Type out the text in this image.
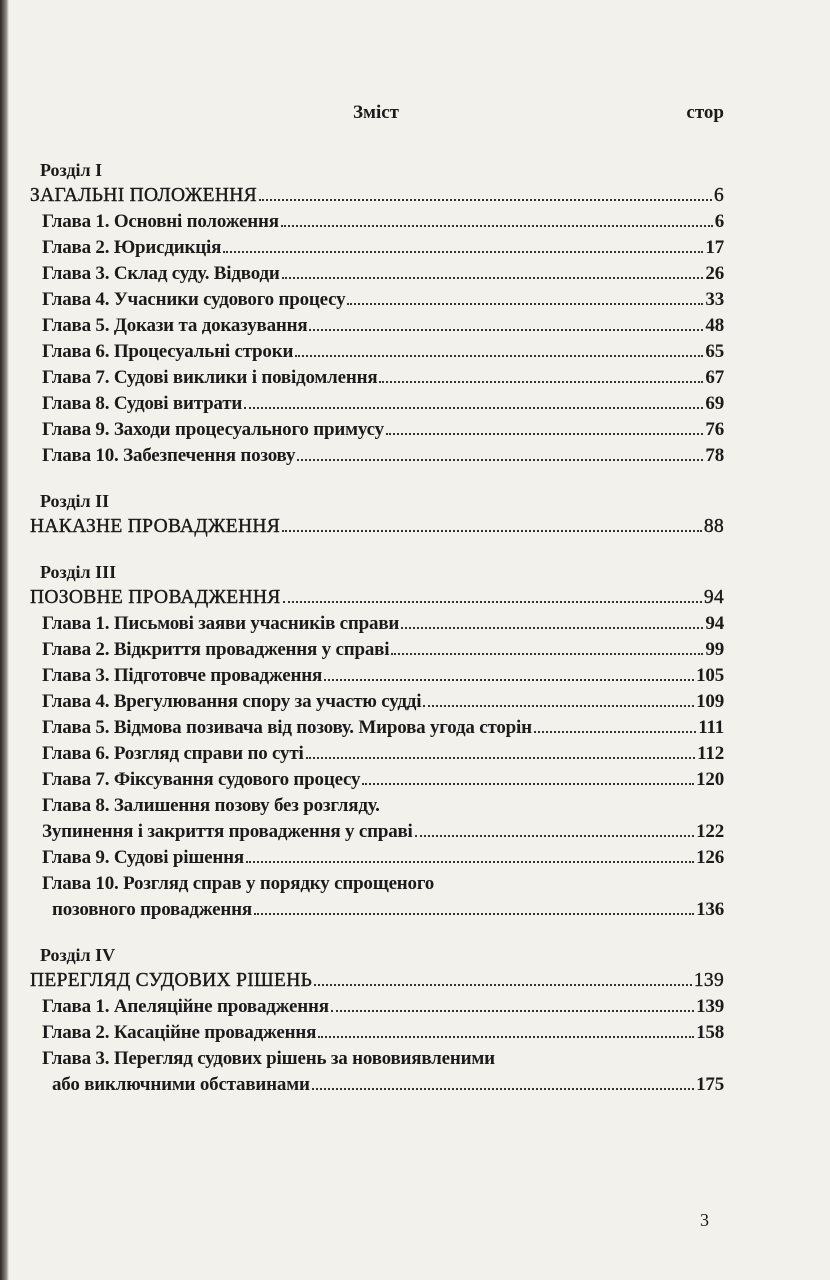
Зміст	стор
Розділ I
ЗАГАЛЬНІ ПОЛОЖЕННЯ	6
Глава 1. Основні положення	6
Глава 2. Юрисдикція	17
Глава 3. Склад суду. Відводи	26
Глава 4. Учасники судового процесу	33
Глава 5. Докази та доказування	48
Глава 6. Процесуальні строки	65
Глава 7. Судові виклики і повідомлення	67
Глава 8. Судові витрати	69
Глава 9. Заходи процесуального примусу	76
Глава 10. Забезпечення позову	78
Розділ II
НАКАЗНЕ ПРОВАДЖЕННЯ	88
Розділ III
ПОЗОВНЕ ПРОВАДЖЕННЯ	94
Глава 1. Письмові заяви учасників справи	94
Глава 2. Відкриття провадження у справі	99
Глава 3. Підготовче провадження	105
Глава 4. Врегулювання спору за участю судді	109
Глава 5. Відмова позивача від позову. Мирова угода сторін	111
Глава 6. Розгляд справи по суті	112
Глава 7. Фіксування судового процесу	120
Глава 8. Залишення позову без розгляду.
Зупинення і закриття провадження у справі	122
Глава 9. Судові рішення	126
Глава 10. Розгляд справ у порядку спрощеного
позовного провадження	136
Розділ IV
ПЕРЕГЛЯД СУДОВИХ РІШЕНЬ	139
Глава 1. Апеляційне провадження	139
Глава 2. Касаційне провадження	158
Глава 3. Перегляд судових рішень за нововиявленими
або виключними обставинами	175
3
